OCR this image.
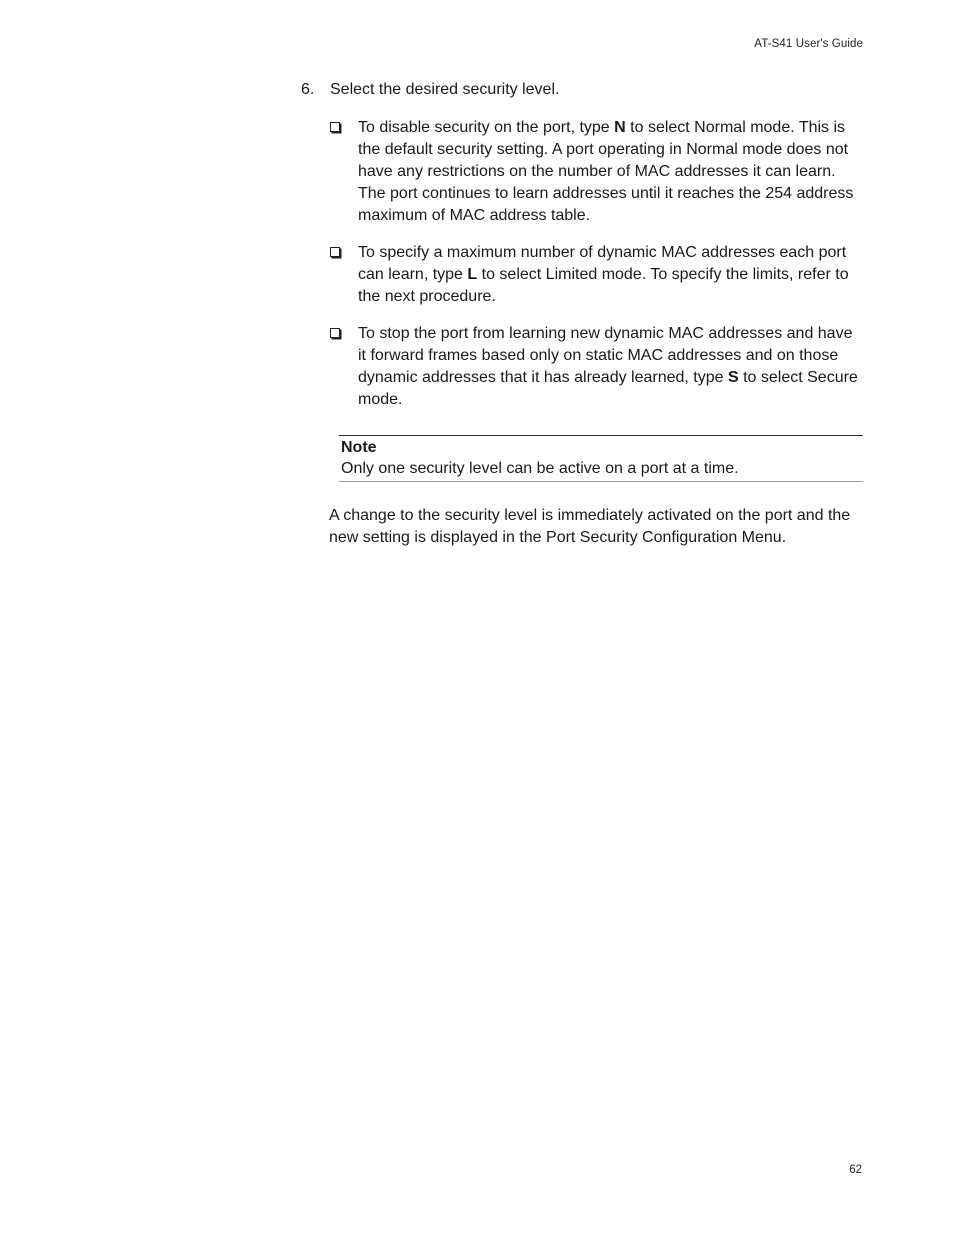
AT-S41 User's Guide
6. Select the desired security level.
To disable security on the port, type N to select Normal mode. This is the default security setting. A port operating in Normal mode does not have any restrictions on the number of MAC addresses it can learn. The port continues to learn addresses until it reaches the 254 address maximum of MAC address table.
To specify a maximum number of dynamic MAC addresses each port can learn, type L to select Limited mode. To specify the limits, refer to the next procedure.
To stop the port from learning new dynamic MAC addresses and have it forward frames based only on static MAC addresses and on those dynamic addresses that it has already learned, type S to select Secure mode.
Note
Only one security level can be active on a port at a time.

A change to the security level is immediately activated on the port and the new setting is displayed in the Port Security Configuration Menu.

62
